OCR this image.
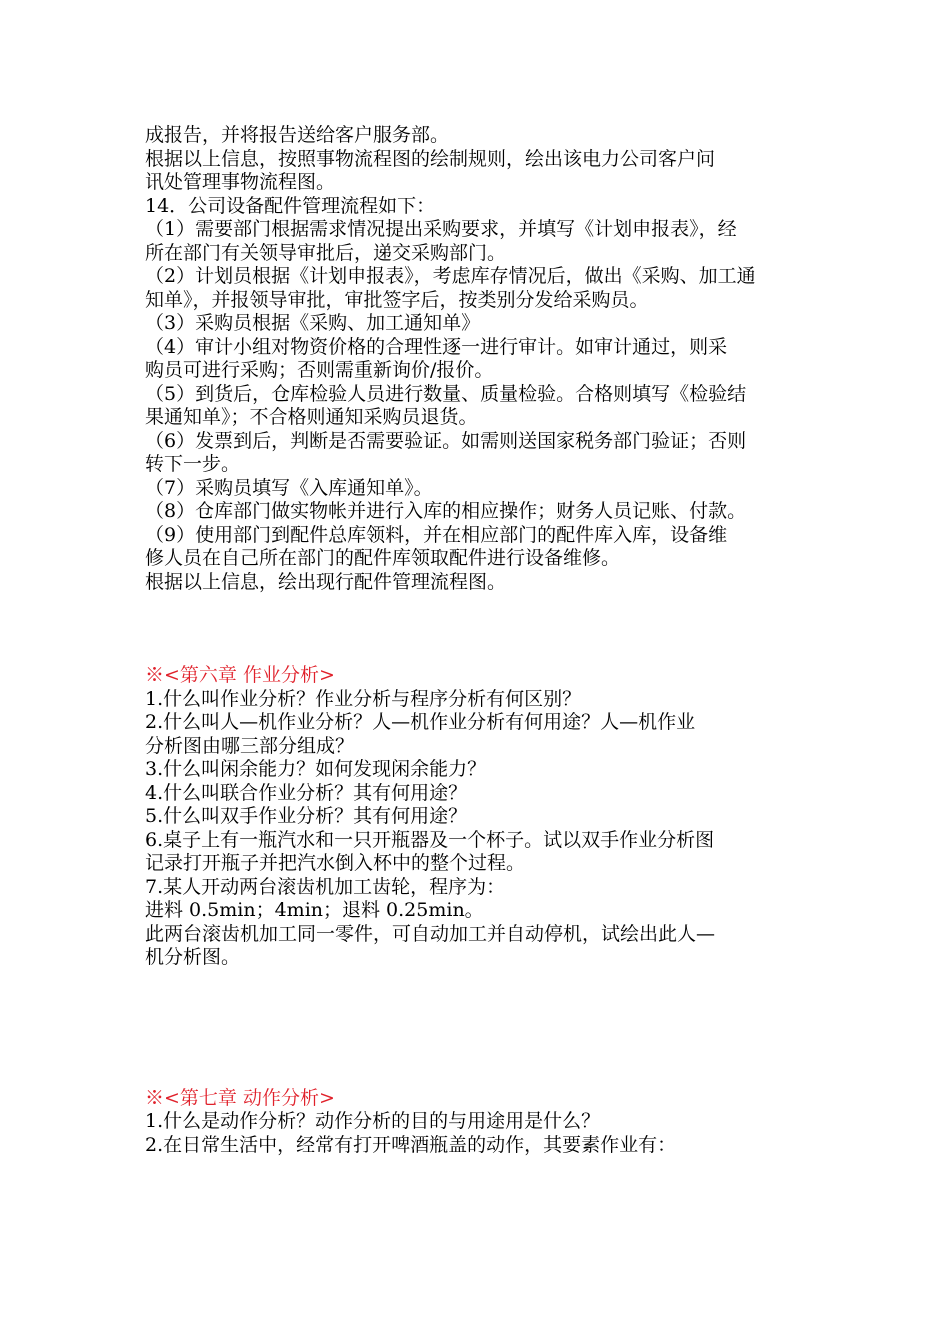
成报告，并将报告送给客户服务部。
根据以上信息，按照事物流程图的绘制规则，绘出该电力公司客户问
讯处管理事物流程图。
14．公司设备配件管理流程如下：
（1）需要部门根据需求情况提出采购要求，并填写《计划申报表》，经
所在部门有关领导审批后，递交采购部门。
（2）计划员根据《计划申报表》，考虑库存情况后，做出《采购、加工通
知单》，并报领导审批，审批签字后，按类别分发给采购员。
（3）采购员根据《采购、加工通知单》
（4）审计小组对物资价格的合理性逐一进行审计。如审计通过，则采
购员可进行采购；否则需重新询价/报价。
（5）到货后，仓库检验人员进行数量、质量检验。合格则填写《检验结
果通知单》；不合格则通知采购员退货。
（6）发票到后，判断是否需要验证。如需则送国家税务部门验证；否则
转下一步。
（7）采购员填写《入库通知单》。
（8）仓库部门做实物帐并进行入库的相应操作；财务人员记账、付款。
（9）使用部门到配件总库领料，并在相应部门的配件库入库，设备维
修人员在自己所在部门的配件库领取配件进行设备维修。
根据以上信息，绘出现行配件管理流程图。
※<第六章 作业分析>
1.什么叫作业分析？作业分析与程序分析有何区别？
2.什么叫人—机作业分析？人—机作业分析有何用途？人—机作业
分析图由哪三部分组成？
3.什么叫闲余能力？如何发现闲余能力？
4.什么叫联合作业分析？其有何用途？
5.什么叫双手作业分析？其有何用途？
6.桌子上有一瓶汽水和一只开瓶器及一个杯子。试以双手作业分析图
记录打开瓶子并把汽水倒入杯中的整个过程。
7.某人开动两台滚齿机加工齿轮，程序为：
进料 0.5min；4min；退料 0.25min。
此两台滚齿机加工同一零件，可自动加工并自动停机，试绘出此人—
机分析图。
※<第七章 动作分析>
1.什么是动作分析？动作分析的目的与用途用是什么？
2.在日常生活中，经常有打开啤酒瓶盖的动作，其要素作业有：
